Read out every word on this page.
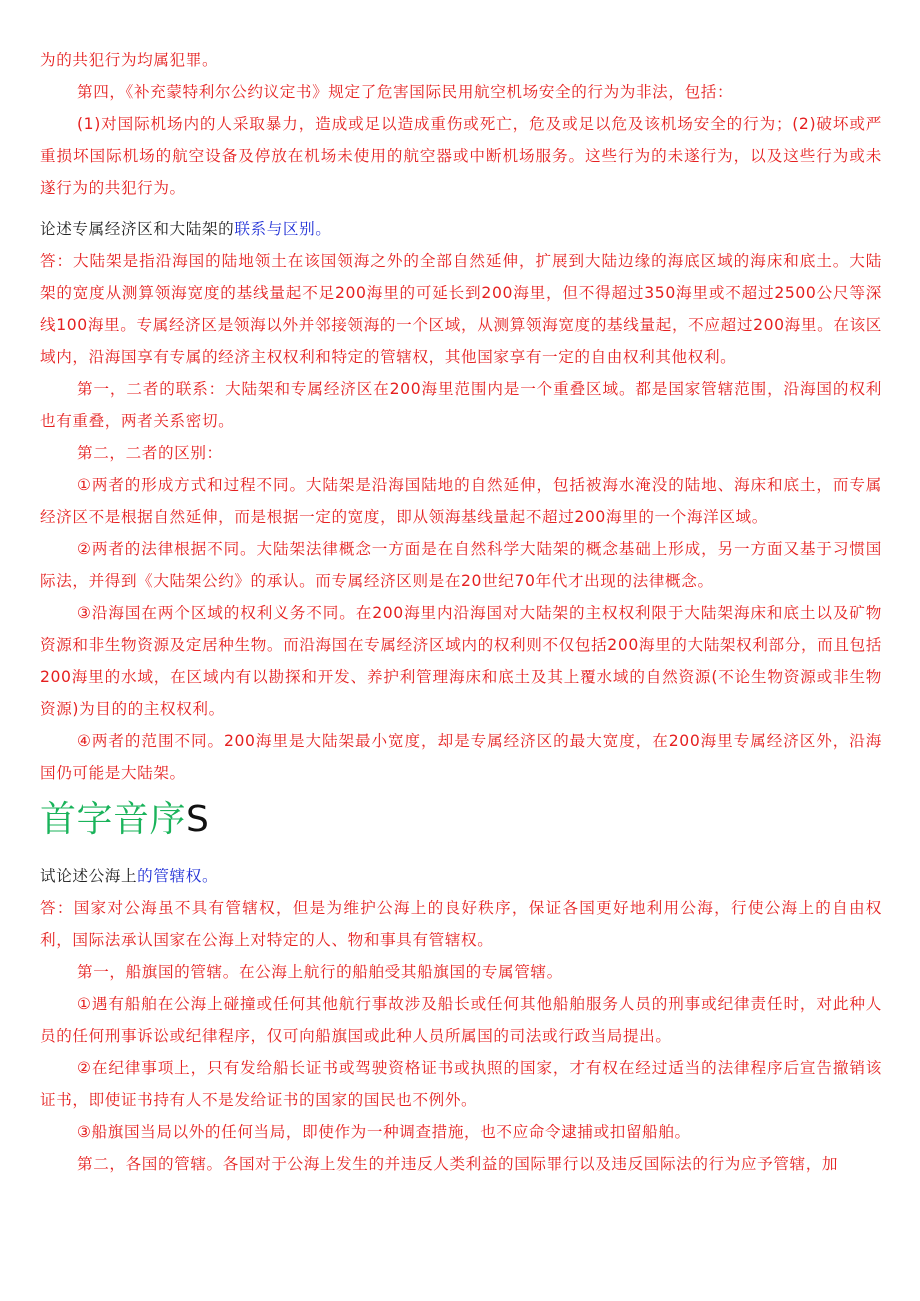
为的共犯行为均属犯罪。

第四，《补充蒙特利尔公约议定书》规定了危害国际民用航空机场安全的行为为非法，包括：

(1)对国际机场内的人采取暴力，造成或足以造成重伤或死亡，危及或足以危及该机场安全的行为；(2)破坏或严重损坏国际机场的航空设备及停放在机场未使用的航空器或中断机场服务。这些行为的未遂行为，以及这些行为或未遂行为的共犯行为。

论述专属经济区和大陆架的联系与区别。

答：大陆架是指沿海国的陆地领土在该国领海之外的全部自然延伸，扩展到大陆边缘的海底区域的海床和底土。大陆架的宽度从测算领海宽度的基线量起不足200海里的可延长到200海里，但不得超过350海里或不超过2500公尺等深线100海里。专属经济区是领海以外并邻接领海的一个区域，从测算领海宽度的基线量起，不应超过200海里。在该区域内，沿海国享有专属的经济主权权利和特定的管辖权，其他国家享有一定的自由权利其他权利。

第一，二者的联系：大陆架和专属经济区在200海里范围内是一个重叠区域。都是国家管辖范围，沿海国的权利也有重叠，两者关系密切。

第二，二者的区别：

①两者的形成方式和过程不同。大陆架是沿海国陆地的自然延伸，包括被海水淹没的陆地、海床和底土，而专属经济区不是根据自然延伸，而是根据一定的宽度，即从领海基线量起不超过200海里的一个海洋区域。

②两者的法律根据不同。大陆架法律概念一方面是在自然科学大陆架的概念基础上形成，另一方面又基于习惯国际法，并得到《大陆架公约》的承认。而专属经济区则是在20世纪70年代才出现的法律概念。

③沿海国在两个区域的权利义务不同。在200海里内沿海国对大陆架的主权权利限于大陆架海床和底土以及矿物资源和非生物资源及定居种生物。而沿海国在专属经济区域内的权利则不仅包括200海里的大陆架权利部分，而且包括200海里的水域，在区域内有以勘探和开发、养护利管理海床和底土及其上覆水域的自然资源(不论生物资源或非生物资源)为目的的主权权利。

④两者的范围不同。200海里是大陆架最小宽度，却是专属经济区的最大宽度，在200海里专属经济区外，沿海国仍可能是大陆架。

首字音序S

试论述公海上的管辖权。

答：国家对公海虽不具有管辖权，但是为维护公海上的良好秩序，保证各国更好地利用公海，行使公海上的自由权利，国际法承认国家在公海上对特定的人、物和事具有管辖权。

第一，船旗国的管辖。在公海上航行的船舶受其船旗国的专属管辖。

①遇有船舶在公海上碰撞或任何其他航行事故涉及船长或任何其他船舶服务人员的刑事或纪律责任时，对此种人员的任何刑事诉讼或纪律程序，仅可向船旗国或此种人员所属国的司法或行政当局提出。

②在纪律事项上，只有发给船长证书或驾驶资格证书或执照的国家，才有权在经过适当的法律程序后宣告撤销该证书，即使证书持有人不是发给证书的国家的国民也不例外。

③船旗国当局以外的任何当局，即使作为一种调查措施，也不应命令逮捕或扣留船舶。

第二，各国的管辖。各国对于公海上发生的并违反人类利益的国际罪行以及违反国际法的行为应予管辖，加
